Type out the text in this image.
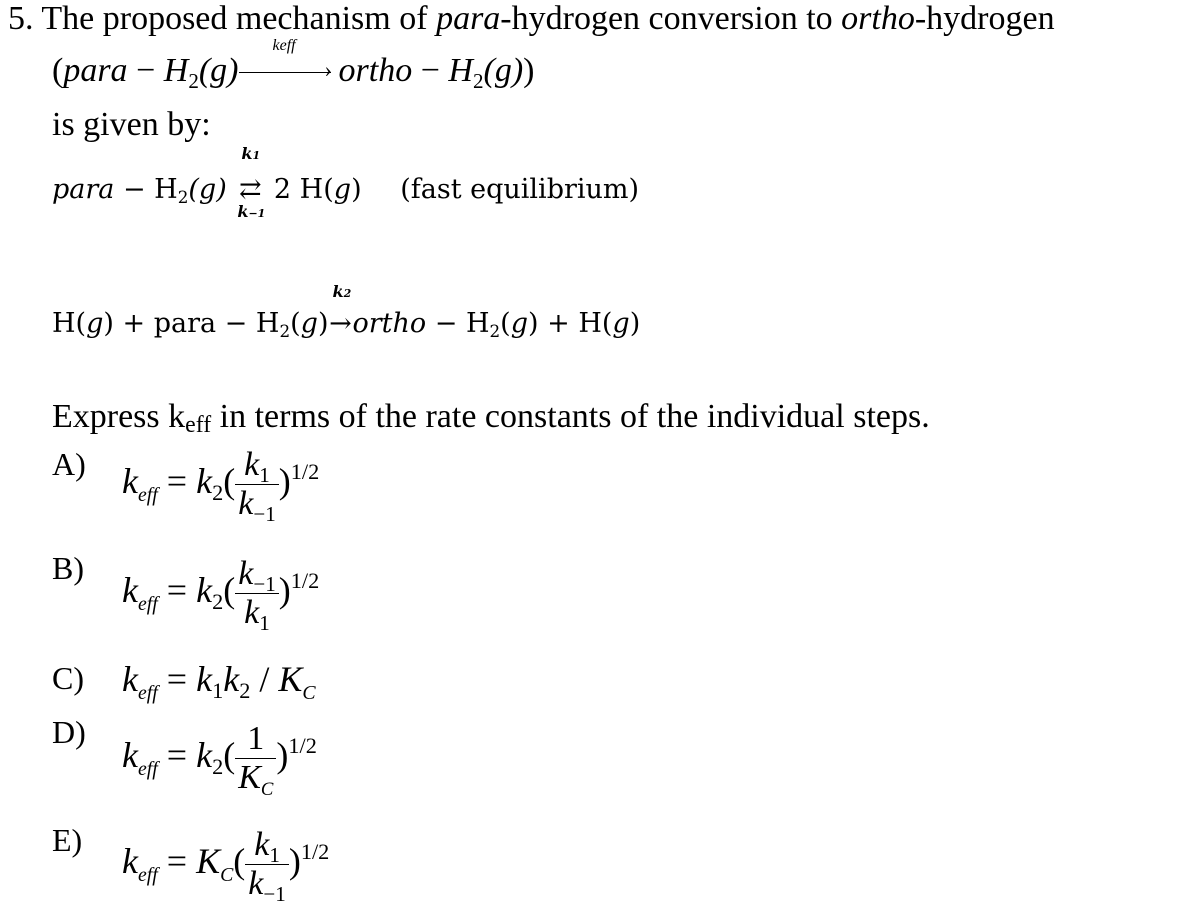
5. The proposed mechanism of para-hydrogen conversion to ortho-hydrogen
(para − H2(g)
keff
› ortho − H2(g))
is given by:
para − H2(g)
k1
⇄
k−1
2 H(g) (fast equilibrium)
H(g) + para − H2(g)
k2
→ortho − H2(g) + H(g)
Express keff in terms of the rate constants of the individual steps.
A) $k_{eff} = k2( \frac{k1}{k-1} )^{1/2}$
B)
$k_{eff} = k2( \frac{k-1}{k1} )^{1/2}$
C) $k_{eff} = k1k2 / K_C$
D)
$k_{eff} = k2( \frac{1}{K_C} )^{1/2}$
E)
$k_{eff} = K_C( \frac{k1}{k-1} )^{1/2}$
